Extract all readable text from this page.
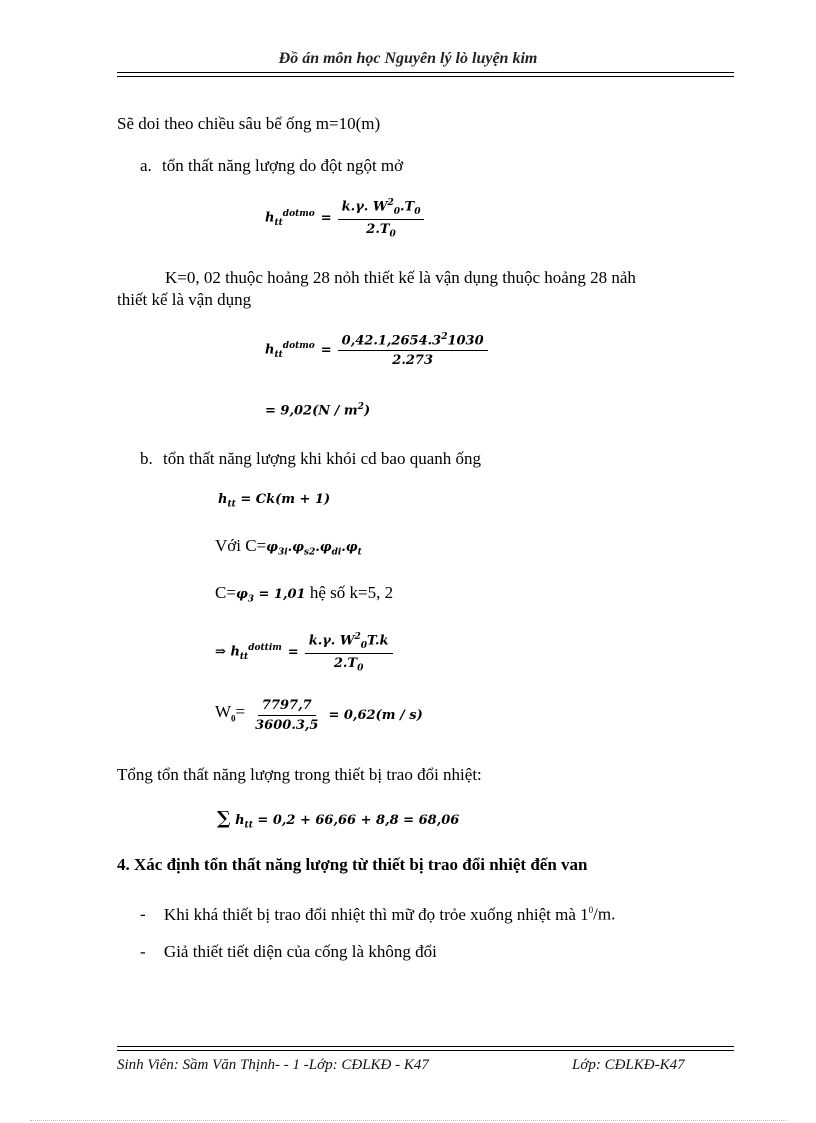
Đồ án môn học Nguyên lý lò luyện kim
Sẽ doi theo chiều sâu bể ống m=10(m)
a. tổn thất năng lượng do đột ngột mở
$h_{tt}^{dotmo} = \frac{k.\gamma. W^2_0.T_0}{2.T_0}$
K=0, 02 thuộc hoảng 28 nỏh thiết kế là vận dụng thuộc hoảng 28 nảh
thiết kế là vận dụng
$h_{tt}^{dotmo} = \frac{0,42.1,2654.3^21030}{2.273}$
= $9,02(N / m^2)$
b. tổn thất năng lượng khi khói cd bao quanh ống
$h_{tt} = Ck(m + 1)$
Với $C=\varphi_{3i}.\varphi_{s2}.\varphi_{di}.\varphi_t$
$C=\varphi_3 = 1,01$ hệ số k=5, 2
⇒ $h_{tt}^{dottim} = \frac{k.\gamma. W^2_0T.k}{2.T_0}$
$W_0= \frac{7797,7}{3600.3,5} = 0,62(m / s)$
Tổng tổn thất năng lượng trong thiết bị trao đổi nhiệt:
∑ $h_{tt} = 0,2 + 66,66 + 8,8 = 68,06$
4. Xác định tổn thất năng lượng từ thiết bị trao đổi nhiệt đến van
- Khi khá thiết bị trao đổi nhiệt thì mữ đọ trỏe xuống nhiệt mà $1^0/m$.
- Giả thiết tiết diện của cống là không đổi
Sinh Viên: Sầm Văn Thịnh- - 1 -Lớp: CĐLKĐ - K47	Lớp: CĐLKĐ-K47
